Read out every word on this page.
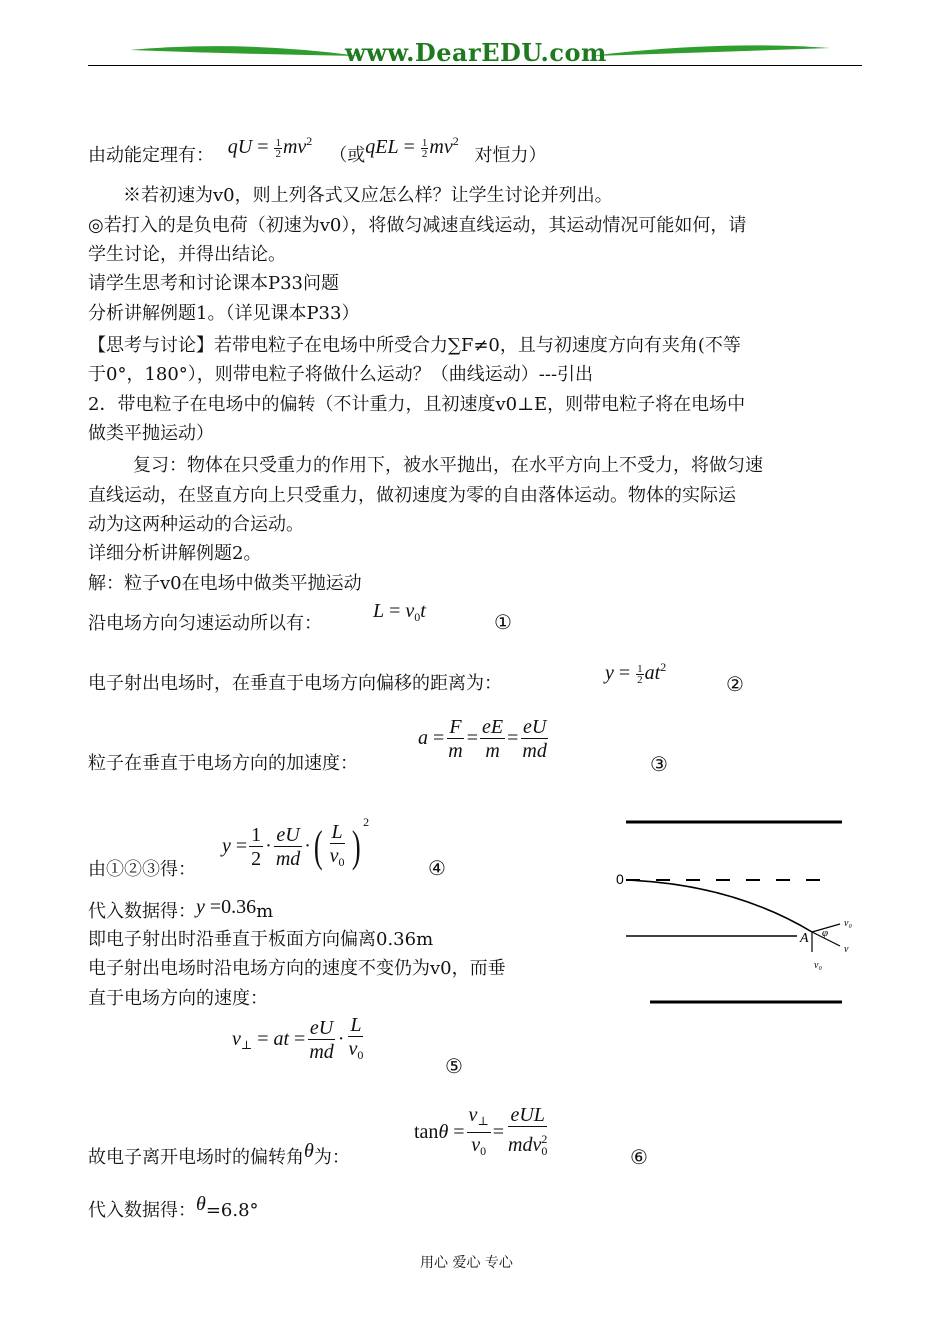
www.DearEDU.com
由动能定理有： qU = $\frac{1}{2} mv^2$ （或qEL = $\frac{1}{2} mv^2$ 对恒力）
※若初速为v0，则上列各式又应怎么样？让学生讨论并列出。
◎若打入的是负电荷（初速为v0），将做匀减速直线运动，其运动情况可能如何，请
学生讨论，并得出结论。
请学生思考和讨论课本P33问题
分析讲解例题1。（详见课本P33）
【思考与讨论】若带电粒子在电场中所受合力∑F≠0，且与初速度方向有夹角(不等
于0°，180°），则带电粒子将做什么运动？（曲线运动）---引出
2．带电粒子在电场中的偏转（不计重力，且初速度v0⊥E，则带电粒子将在电场中
做类平抛运动）
复习：物体在只受重力的作用下，被水平抛出，在水平方向上不受力，将做匀速
直线运动，在竖直方向上只受重力，做初速度为零的自由落体运动。物体的实际运
动为这两种运动的合运动。
详细分析讲解例题2。
解：粒子v0在电场中做类平抛运动
沿电场方向匀速运动所以有：
$L = v_0t$	①
电子射出电场时，在垂直于电场方向偏移的距离为：	$y = \frac{1}{2} at^2$
②
粒子在垂直于电场方向的加速度：
$a = \frac{F}{m} = \frac{eE}{m} = \frac{eU}{md}$
③
由①②③得：
$y = \frac{1}{2} \cdot \frac{eU}{md}$ ·( $\frac{L}{v_0} )^2$
④
代入数据得：y =0.36m
即电子射出时沿垂直于板面方向偏离0.36m
电子射出电场时沿电场方向的速度不变仍为v0，而垂
直于电场方向的速度：
$v_\perp$ = at = $\frac{eU}{md} \cdot \frac{L}{v_0}$	⑤
故电子离开电场时的偏转角θ为：
$\tan\theta = \frac{v_\perp}{v_0} = \frac{\text{eUL}}{mdv_0^2}$	⑥
代入数据得：θ=6.8°
0
A
v₀
v
v₀
φ
用心 爱心 专心
